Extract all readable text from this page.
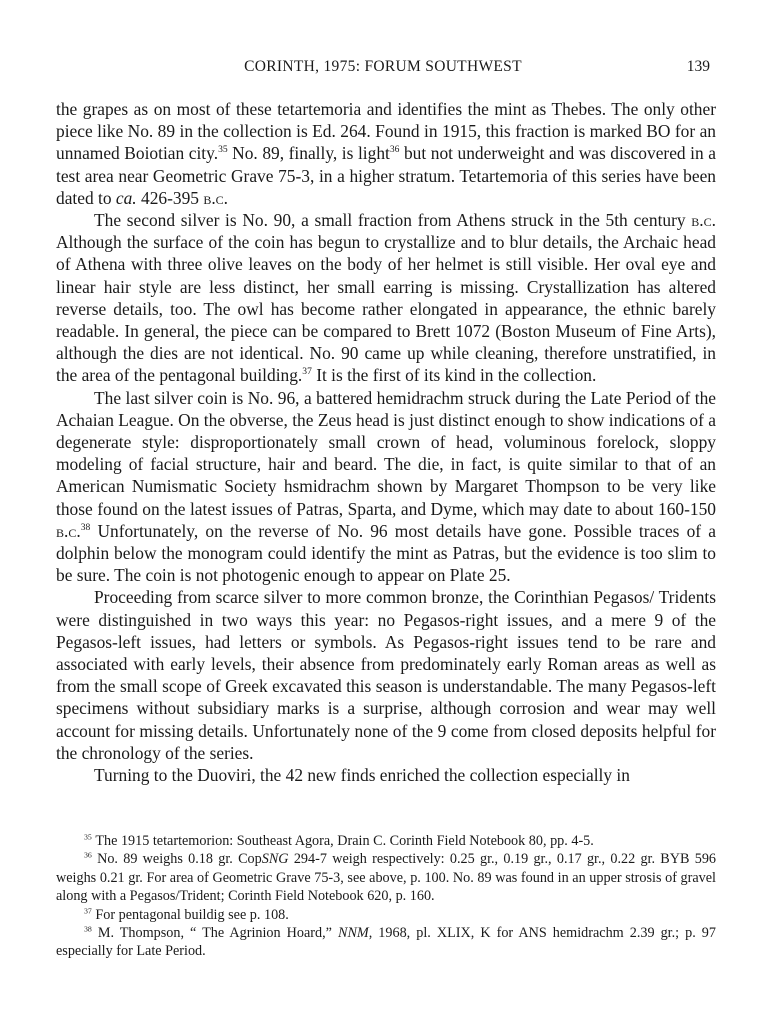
CORINTH, 1975: FORUM SOUTHWEST	139

the grapes as on most of these tetartemoria and identifies the mint as Thebes. The only other piece like No. 89 in the collection is Ed. 264. Found in 1915, this fraction is marked BO for an unnamed Boiotian city.$^{35}$ No. 89, finally, is light$^{36}$ but not underweight and was discovered in a test area near Geometric Grave 75-3, in a higher stratum. Tetartemoria of this series have been dated to ca. 426-395 b.c.

The second silver is No. 90, a small fraction from Athens struck in the 5th century b.c. Although the surface of the coin has begun to crystallize and to blur details, the Archaic head of Athena with three olive leaves on the body of her helmet is still visible. Her oval eye and linear hair style are less distinct, her small earring is missing. Crystallization has altered reverse details, too. The owl has become rather elongated in appearance, the ethnic barely readable. In general, the piece can be compared to Brett 1072 (Boston Museum of Fine Arts), although the dies are not identical. No. 90 came up while cleaning, therefore unstratified, in the area of the pentagonal building.$^{37}$ It is the first of its kind in the collection.

The last silver coin is No. 96, a battered hemidrachm struck during the Late Period of the Achaian League. On the obverse, the Zeus head is just distinct enough to show indications of a degenerate style: disproportionately small crown of head, voluminous forelock, sloppy modeling of facial structure, hair and beard. The die, in fact, is quite similar to that of an American Numismatic Society hsmidrachm shown by Margaret Thompson to be very like those found on the latest issues of Patras, Sparta, and Dyme, which may date to about 160-150 b.c.$^{38}$ Unfortunately, on the reverse of No. 96 most details have gone. Possible traces of a dolphin below the monogram could identify the mint as Patras, but the evidence is too slim to be sure. The coin is not photogenic enough to appear on Plate 25.

Proceeding from scarce silver to more common bronze, the Corinthian Pegasos/ Tridents were distinguished in two ways this year: no Pegasos-right issues, and a mere 9 of the Pegasos-left issues, had letters or symbols. As Pegasos-right issues tend to be rare and associated with early levels, their absence from predominately early Roman areas as well as from the small scope of Greek excavated this season is understandable. The many Pegasos-left specimens without subsidiary marks is a surprise, although corrosion and wear may well account for missing details. Unfortunately none of the 9 come from closed deposits helpful for the chronology of the series.

Turning to the Duoviri, the 42 new finds enriched the collection especially in

$^{35}$ The 1915 tetartemorion: Southeast Agora, Drain C. Corinth Field Notebook 80, pp. 4-5.

$^{36}$ No. 89 weighs 0.18 gr. CopSNG 294-7 weigh respectively: 0.25 gr., 0.19 gr., 0.17 gr., 0.22 gr. BYB 596 weighs 0.21 gr. For area of Geometric Grave 75-3, see above, p. 100. No. 89 was found in an upper strosis of gravel along with a Pegasos/Trident; Corinth Field Notebook 620, p. 160.

$^{37}$ For pentagonal buildig see p. 108.

$^{38}$ M. Thompson, “ The Agrinion Hoard,” NNM, 1968, pl. XLIX, K for ANS hemidrachm 2.39 gr.; p. 97 especially for Late Period.
